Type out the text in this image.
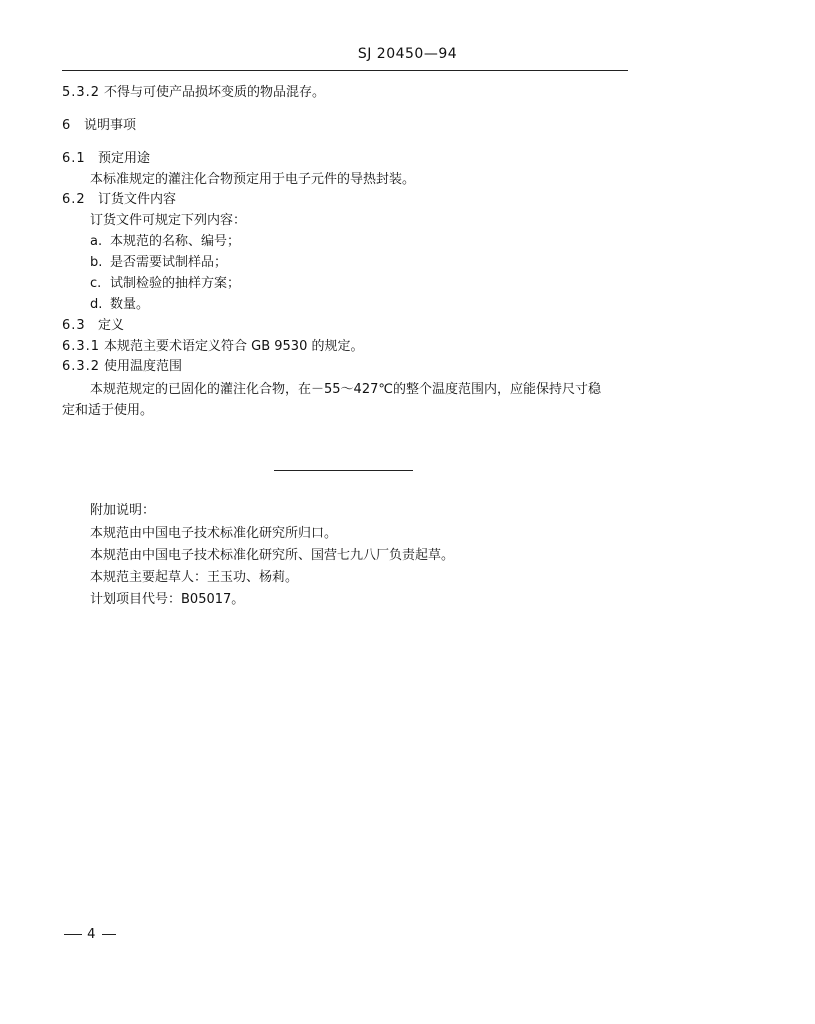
SJ 20450—94
5.3.2 不得与可使产品损坏变质的物品混存。
6 说明事项
6.1 预定用途
本标准规定的灌注化合物预定用于电子元件的导热封装。
6.2 订货文件内容
订货文件可规定下列内容：
a. 本规范的名称、编号；
b. 是否需要试制样品；
c. 试制检验的抽样方案；
d. 数量。
6.3 定义
6.3.1 本规范主要术语定义符合 GB 9530 的规定。
6.3.2 使用温度范围
本规范规定的已固化的灌注化合物，在－55～427℃的整个温度范围内，应能保持尺寸稳
定和适于使用。
附加说明：
本规范由中国电子技术标准化研究所归口。
本规范由中国电子技术标准化研究所、国营七九八厂负责起草。
本规范主要起草人：王玉功、杨莉。
计划项目代号：B05017。
4
